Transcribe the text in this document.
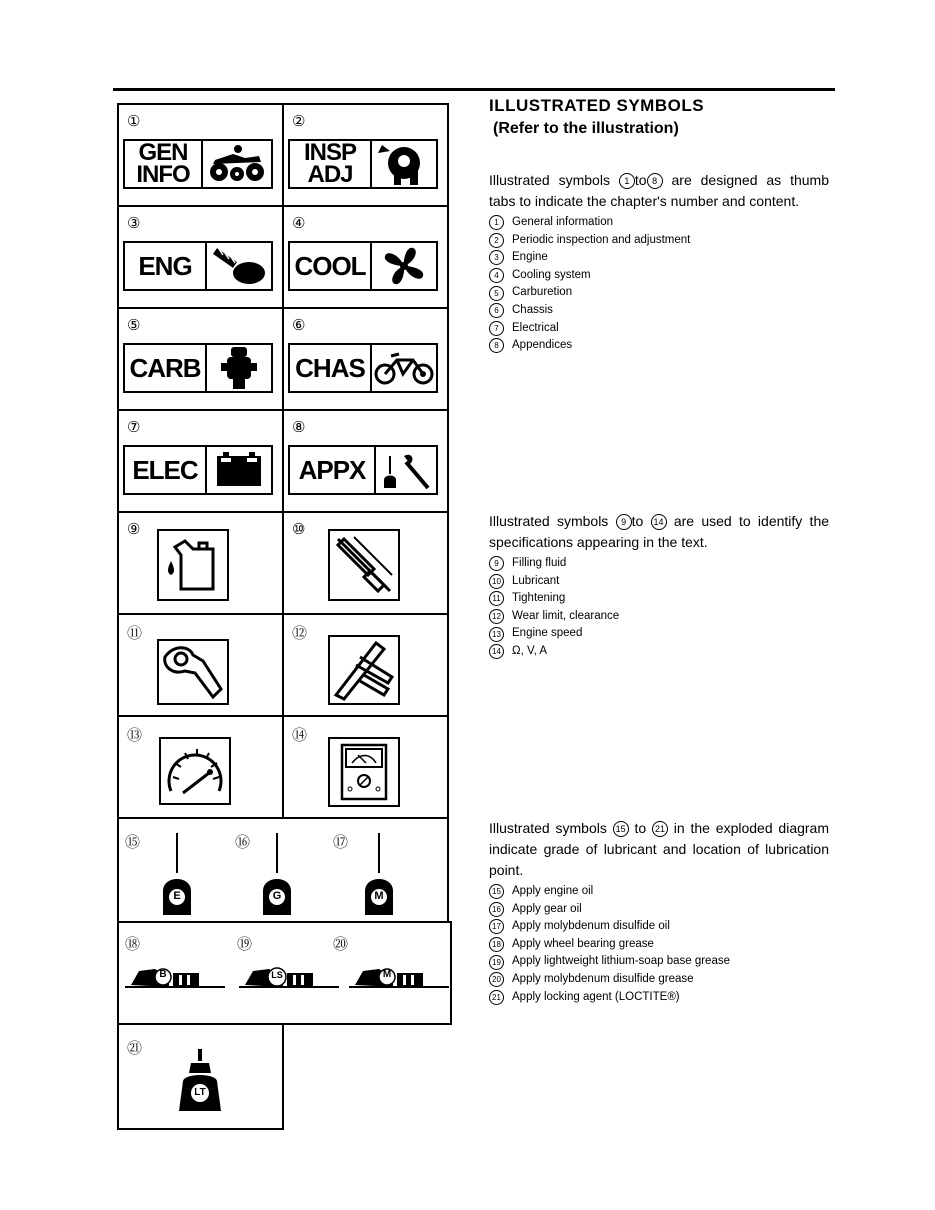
①
GEN
INFO
②
INSP
ADJ
③
ENG
④
COOL
⑤
CARB
⑥
CHAS
⑦
ELEC
⑧
APPX
⑨	⑩
⑪	⑫
⑬	⑭
⑮	⑯	⑰
E	G	M
⑱	⑲	⑳
B	LS	M
㉑
LT
ILLUSTRATED SYMBOLS
(Refer to the illustration)
Illustrated symbols 1 to 8 are designed as thumb tabs to indicate the chapter's number and content.
1	General information
2	Periodic inspection and adjustment
3	Engine
4	Cooling system
5	Carburetion
6	Chassis
7	Electrical
8	Appendices
Illustrated symbols 9 to 14 are used to identify the specifications appearing in the text.
9	Filling fluid
10 Lubricant
11 Tightening
12 Wear limit, clearance
13 Engine speed
14 Ω, V, A
Illustrated symbols 15 to 21 in the exploded diagram indicate grade of lubricant and location of lubrication point.
15 Apply engine oil
16 Apply gear oil
17 Apply molybdenum disulfide oil
18 Apply wheel bearing grease
19 Apply lightweight lithium-soap base grease
20 Apply molybdenum disulfide grease
21 Apply locking agent (LOCTITE®)
